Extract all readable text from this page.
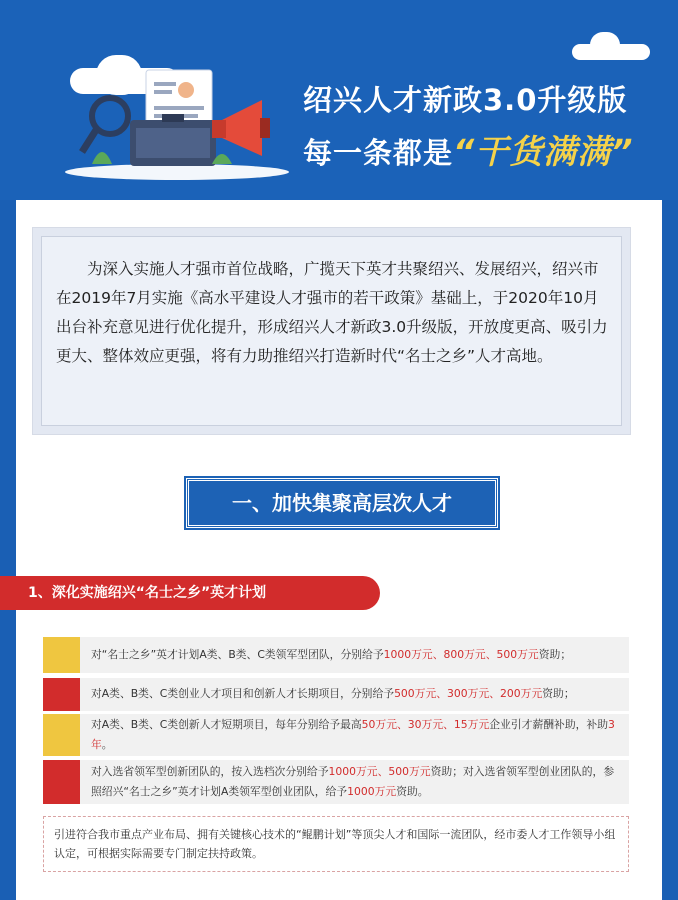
绍兴人才新政3.0升级版
每一条都是“干货满满”
为深入实施人才强市首位战略，广揽天下英才共聚绍兴、发展绍兴，绍兴市在2019年7月实施《高水平建设人才强市的若干政策》基础上，于2020年10月出台补充意见进行优化提升，形成绍兴人才新政3.0升级版，开放度更高、吸引力更大、整体效应更强，将有力助推绍兴打造新时代“名士之乡”人才高地。
一、加快集聚高层次人才
1、深化实施绍兴“名士之乡”英才计划
对“名士之乡”英才计划A类、B类、C类领军型团队，分别给予1000万元、800万元、500万元资助；
对A类、B类、C类创业人才项目和创新人才长期项目，分别给予500万元、300万元、200万元资助；
对A类、B类、C类创新人才短期项目，每年分别给予最高50万元、30万元、15万元企业引才薪酬补助，补助3年。
对入选省领军型创新团队的，按入选档次分别给予1000万元、500万元资助；对入选省领军型创业团队的，参照绍兴“名士之乡”英才计划A类领军型创业团队，给予1000万元资助。
引进符合我市重点产业布局、拥有关键核心技术的“鲲鹏计划”等顶尖人才和国际一流团队，经市委人才工作领导小组认定，可根据实际需要专门制定扶持政策。
